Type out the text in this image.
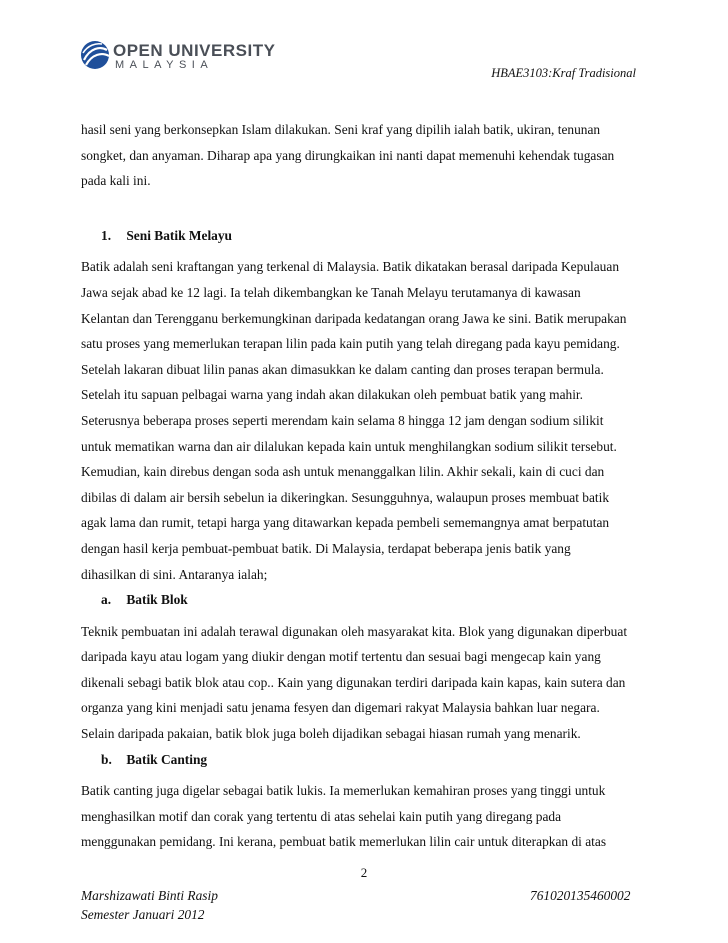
OPEN UNIVERSITY
MALAYSIA
HBAE3103:Kraf Tradisional

hasil seni yang berkonsepkan Islam dilakukan. Seni kraf yang dipilih ialah batik, ukiran, tenunan
songket, dan anyaman. Diharap apa yang dirungkaikan ini nanti dapat memenuhi kehendak tugasan
pada kali ini.

1. Seni Batik Melayu

Batik adalah seni kraftangan yang terkenal di Malaysia. Batik dikatakan berasal daripada Kepulauan
Jawa sejak abad ke 12 lagi. Ia telah dikembangkan ke Tanah Melayu terutamanya di kawasan
Kelantan dan Terengganu berkemungkinan daripada kedatangan orang Jawa ke sini. Batik merupakan
satu proses yang memerlukan terapan lilin pada kain putih yang telah diregang pada kayu pemidang.
Setelah lakaran dibuat lilin panas akan dimasukkan ke dalam canting dan proses terapan bermula.
Setelah itu sapuan pelbagai warna yang indah akan dilakukan oleh pembuat batik yang mahir.
Seterusnya beberapa proses seperti merendam kain selama 8 hingga 12 jam dengan sodium silikit
untuk mematikan warna dan air dilalukan kepada kain untuk menghilangkan sodium silikit tersebut.
Kemudian, kain direbus dengan soda ash untuk menanggalkan lilin. Akhir sekali, kain di cuci dan
dibilas di dalam air bersih sebelun ia dikeringkan. Sesungguhnya, walaupun proses membuat batik
agak lama dan rumit, tetapi harga yang ditawarkan kepada pembeli sememangnya amat berpatutan
dengan hasil kerja pembuat-pembuat batik. Di Malaysia, terdapat beberapa jenis batik yang
dihasilkan di sini. Antaranya ialah;

a. Batik Blok

Teknik pembuatan ini adalah terawal digunakan oleh masyarakat kita. Blok yang digunakan diperbuat
daripada kayu atau logam yang diukir dengan motif tertentu dan sesuai bagi mengecap kain yang
dikenali sebagi batik blok atau cop.. Kain yang digunakan terdiri daripada kain kapas, kain sutera dan
organza yang kini menjadi satu jenama fesyen dan digemari rakyat Malaysia bahkan luar negara.
Selain daripada pakaian, batik blok juga boleh dijadikan sebagai hiasan rumah yang menarik.

b. Batik Canting

Batik canting juga digelar sebagai batik lukis. Ia memerlukan kemahiran proses yang tinggi untuk
menghasilkan motif dan corak yang tertentu di atas sehelai kain putih yang diregang pada
menggunakan pemidang. Ini kerana, pembuat batik memerlukan lilin cair untuk diterapkan di atas

2
Marshizawati Binti Rasip
Semester Januari 2012
761020135460002
